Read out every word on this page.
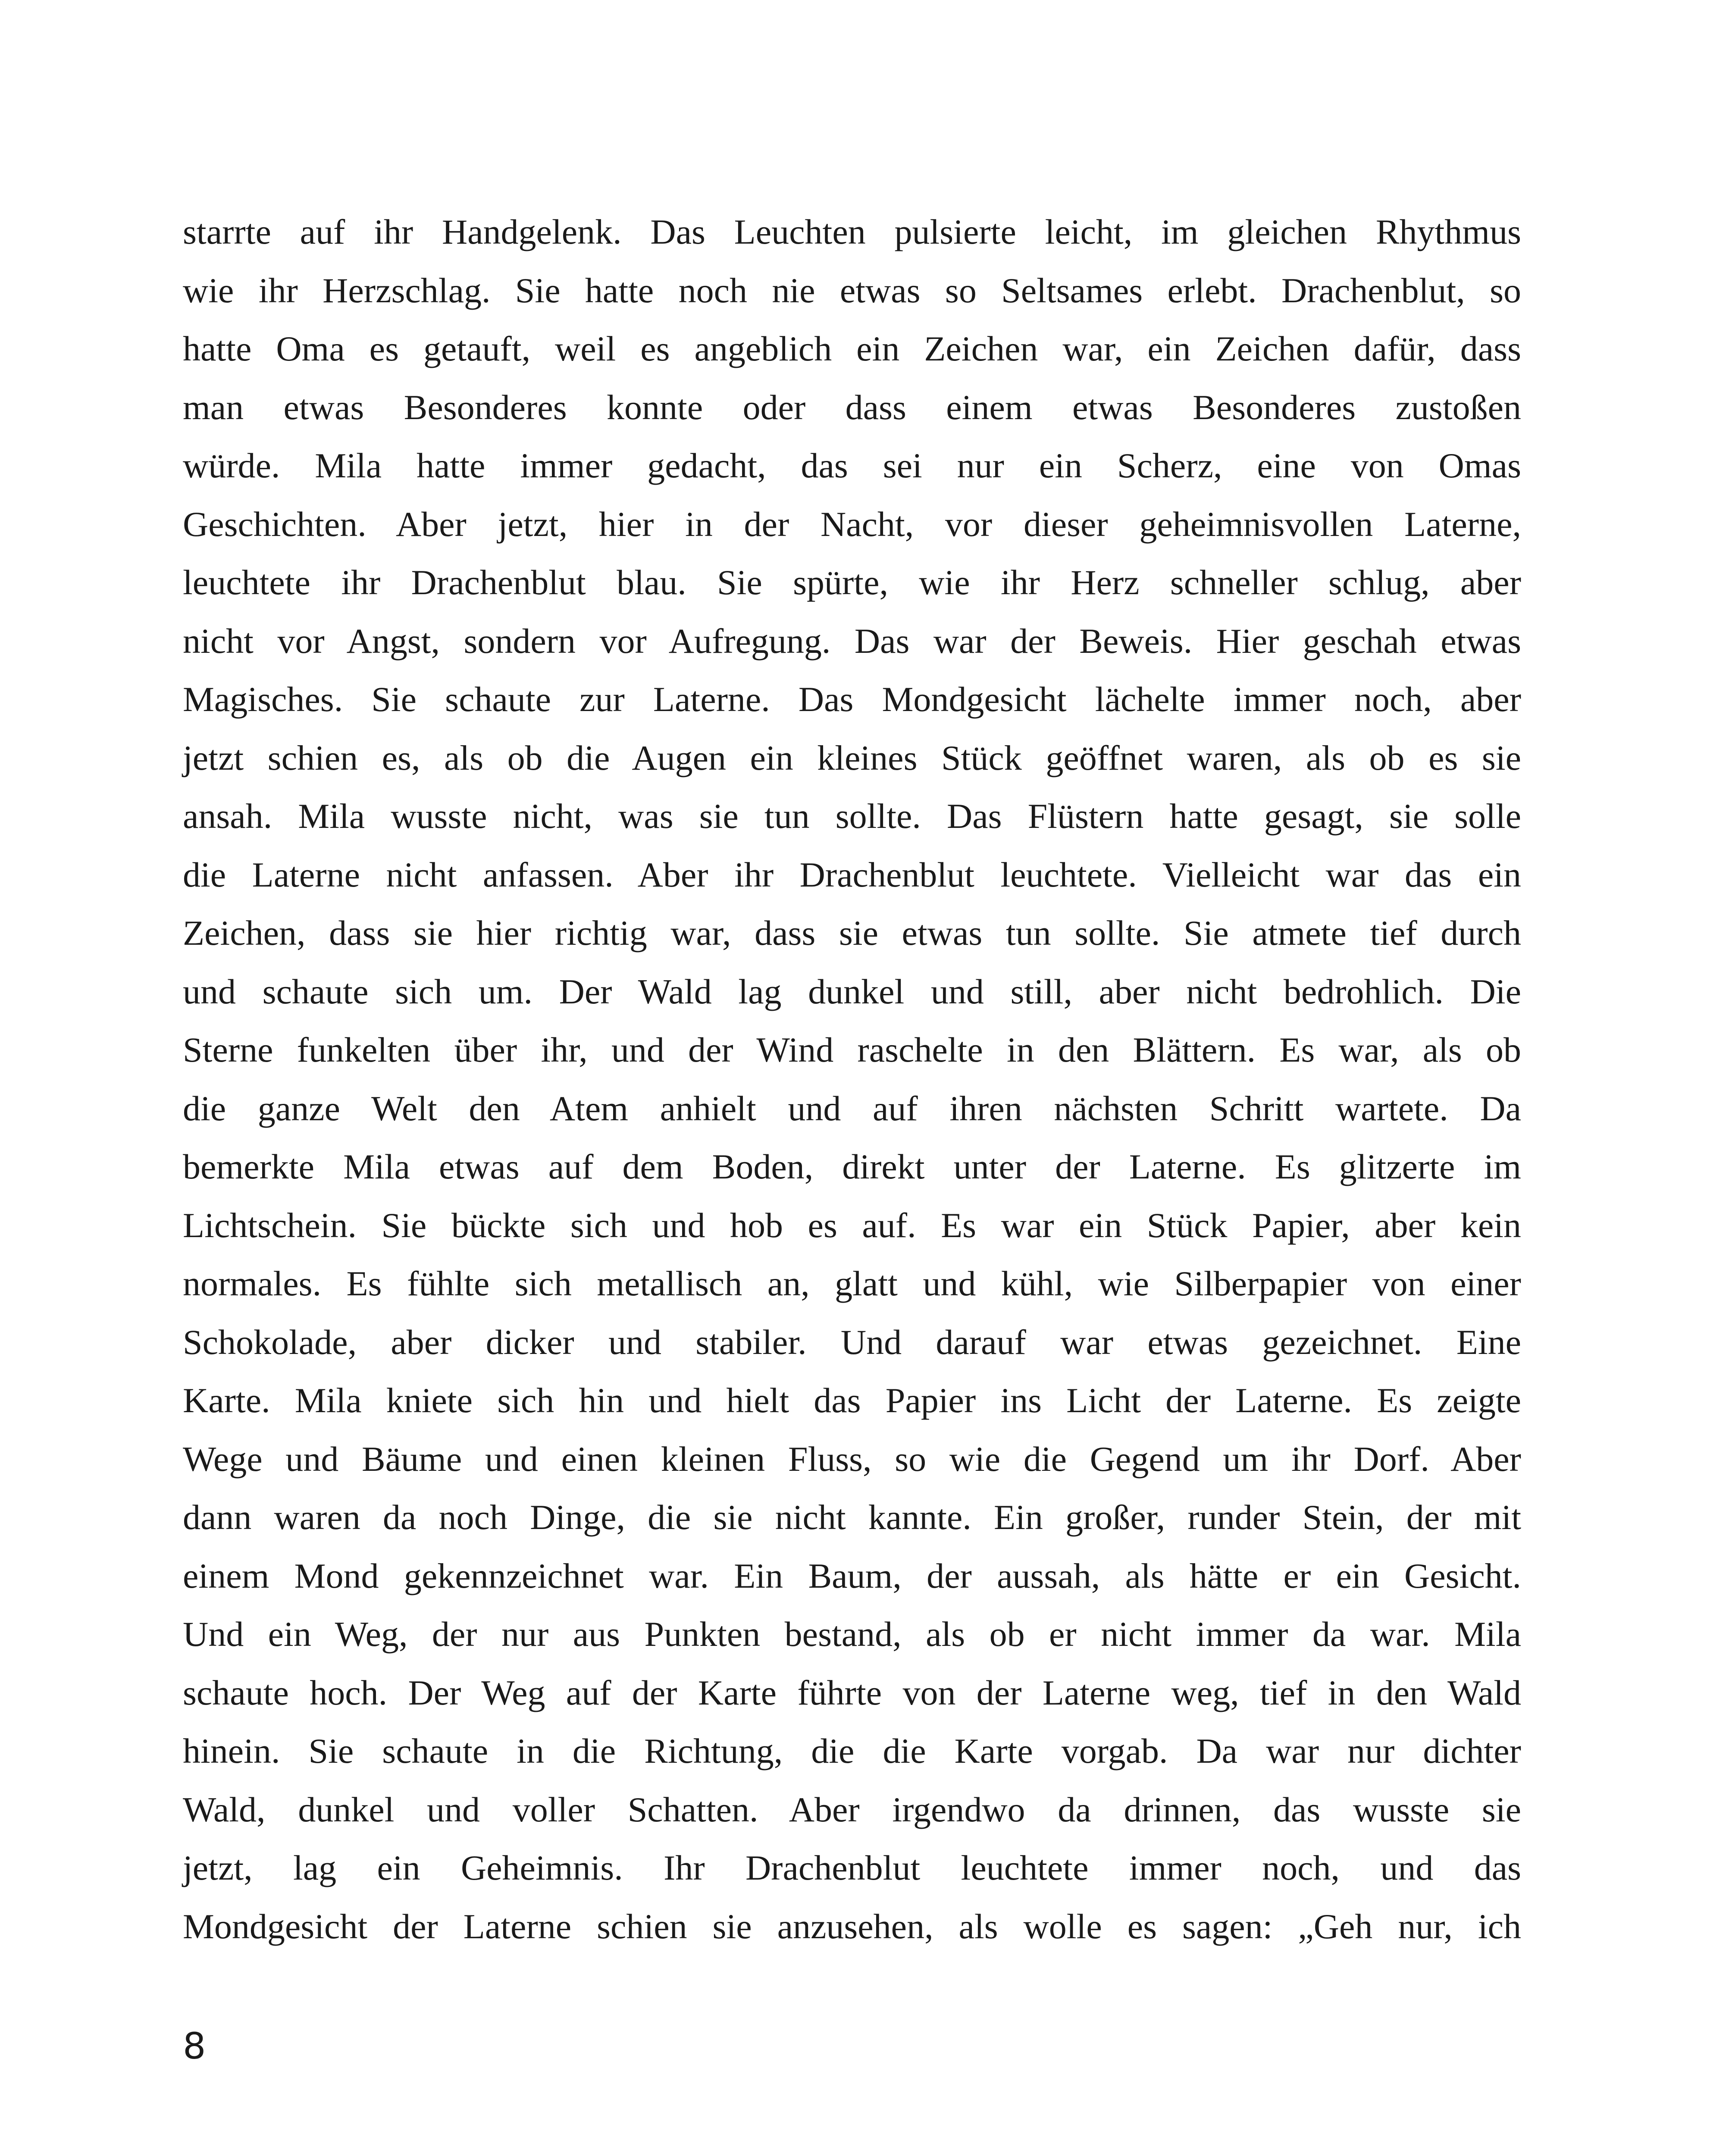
starrte auf ihr Handgelenk. Das Leuchten pulsierte leicht, im gleichen Rhythmus
wie ihr Herzschlag. Sie hatte noch nie etwas so Seltsames erlebt. Drachenblut, so
hatte Oma es getauft, weil es angeblich ein Zeichen war, ein Zeichen dafür, dass
man etwas Besonderes konnte oder dass einem etwas Besonderes zustoßen
würde. Mila hatte immer gedacht, das sei nur ein Scherz, eine von Omas
Geschichten. Aber jetzt, hier in der Nacht, vor dieser geheimnisvollen Laterne,
leuchtete ihr Drachenblut blau. Sie spürte, wie ihr Herz schneller schlug, aber
nicht vor Angst, sondern vor Aufregung. Das war der Beweis. Hier geschah etwas
Magisches. Sie schaute zur Laterne. Das Mondgesicht lächelte immer noch, aber
jetzt schien es, als ob die Augen ein kleines Stück geöffnet waren, als ob es sie
ansah. Mila wusste nicht, was sie tun sollte. Das Flüstern hatte gesagt, sie solle
die Laterne nicht anfassen. Aber ihr Drachenblut leuchtete. Vielleicht war das ein
Zeichen, dass sie hier richtig war, dass sie etwas tun sollte. Sie atmete tief durch
und schaute sich um. Der Wald lag dunkel und still, aber nicht bedrohlich. Die
Sterne funkelten über ihr, und der Wind raschelte in den Blättern. Es war, als ob
die ganze Welt den Atem anhielt und auf ihren nächsten Schritt wartete. Da
bemerkte Mila etwas auf dem Boden, direkt unter der Laterne. Es glitzerte im
Lichtschein. Sie bückte sich und hob es auf. Es war ein Stück Papier, aber kein
normales. Es fühlte sich metallisch an, glatt und kühl, wie Silberpapier von einer
Schokolade, aber dicker und stabiler. Und darauf war etwas gezeichnet. Eine
Karte. Mila kniete sich hin und hielt das Papier ins Licht der Laterne. Es zeigte
Wege und Bäume und einen kleinen Fluss, so wie die Gegend um ihr Dorf. Aber
dann waren da noch Dinge, die sie nicht kannte. Ein großer, runder Stein, der mit
einem Mond gekennzeichnet war. Ein Baum, der aussah, als hätte er ein Gesicht.
Und ein Weg, der nur aus Punkten bestand, als ob er nicht immer da war. Mila
schaute hoch. Der Weg auf der Karte führte von der Laterne weg, tief in den Wald
hinein. Sie schaute in die Richtung, die die Karte vorgab. Da war nur dichter
Wald, dunkel und voller Schatten. Aber irgendwo da drinnen, das wusste sie
jetzt, lag ein Geheimnis. Ihr Drachenblut leuchtete immer noch, und das
Mondgesicht der Laterne schien sie anzusehen, als wolle es sagen: „Geh nur, ich
8
